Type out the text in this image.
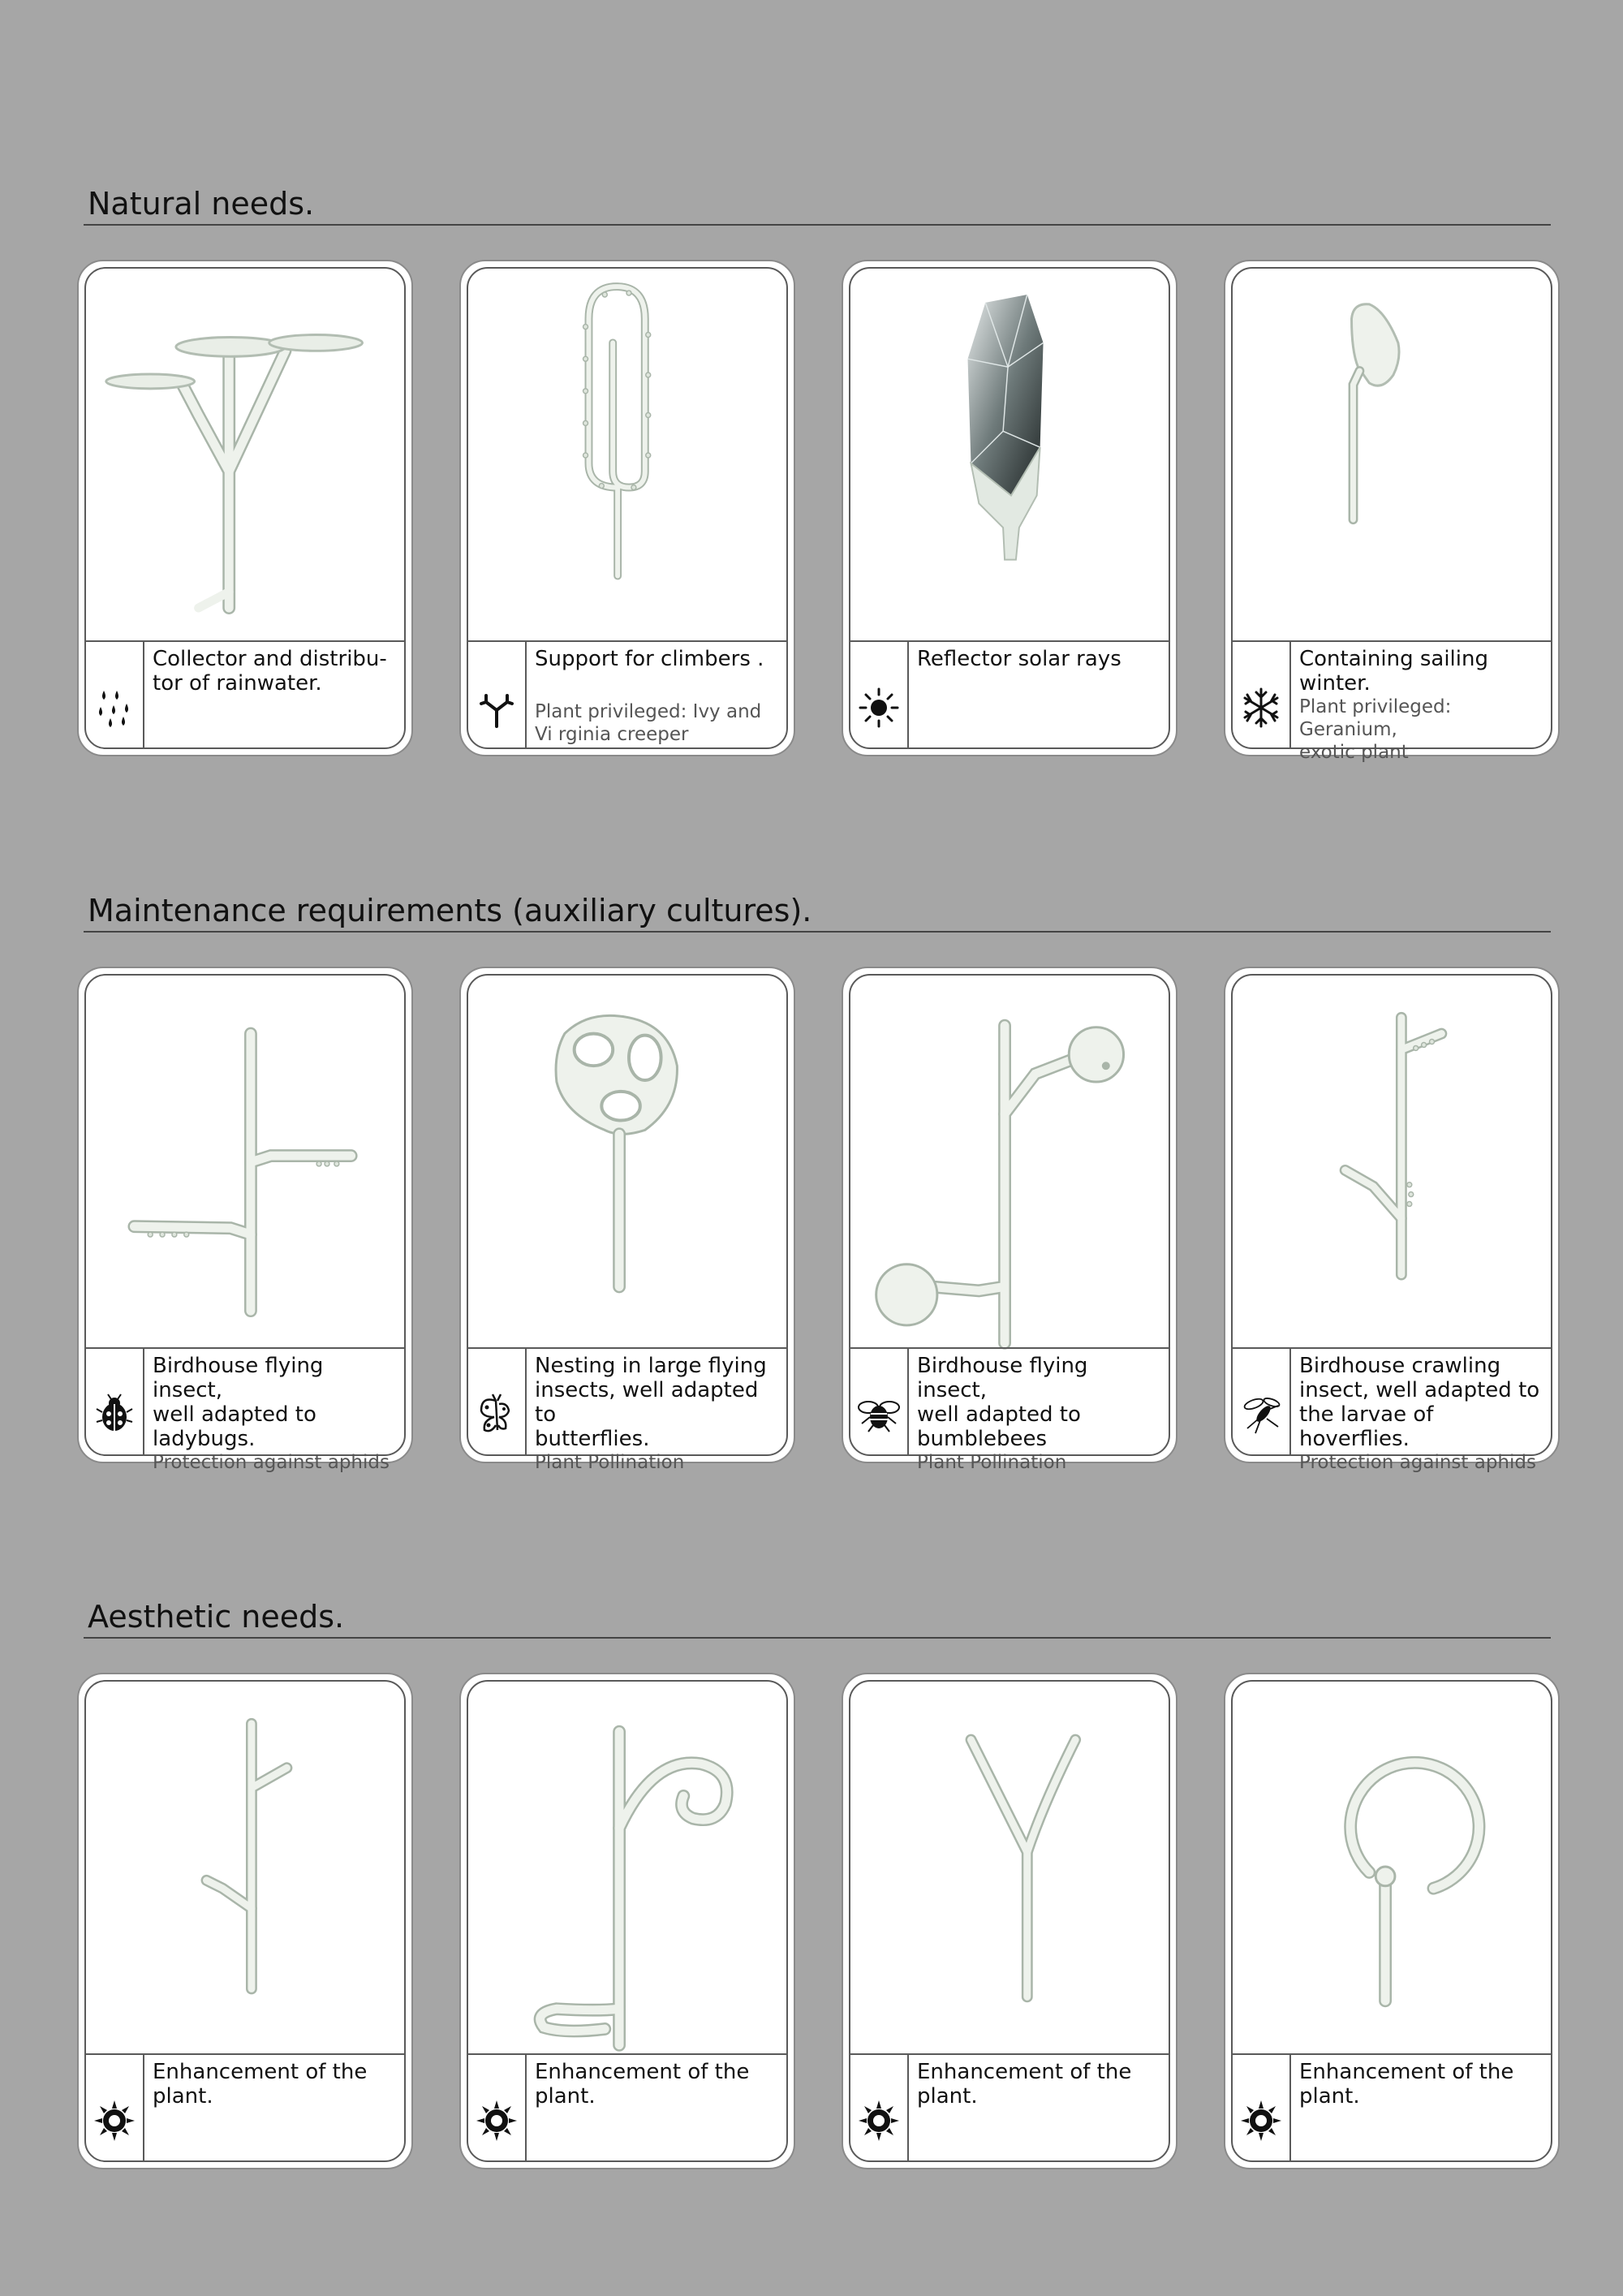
Natural needs.
Maintenance requirements (auxiliary cultures).
Aesthetic needs.
Collector and distribu-
tor of rainwater.
Support for climbers .
Plant privileged: Ivy and
Vi rginia creeper
Reflector solar rays	Containing sailing
winter.
Plant privileged: Geranium,
exotic plant
Birdhouse flying insect,
well adapted to
ladybugs.
Protection against aphids
Nesting in large flying
insects, well adapted to
butterflies.
Plant Pollination
Birdhouse flying insect,
well adapted to
bumblebees
Plant Pollination
Birdhouse crawling
insect, well adapted to
the larvae of hoverflies.
Protection against aphids
Enhancement of the
plant.
Enhancement of the
plant.
Enhancement of the
plant.
Enhancement of the
plant.
